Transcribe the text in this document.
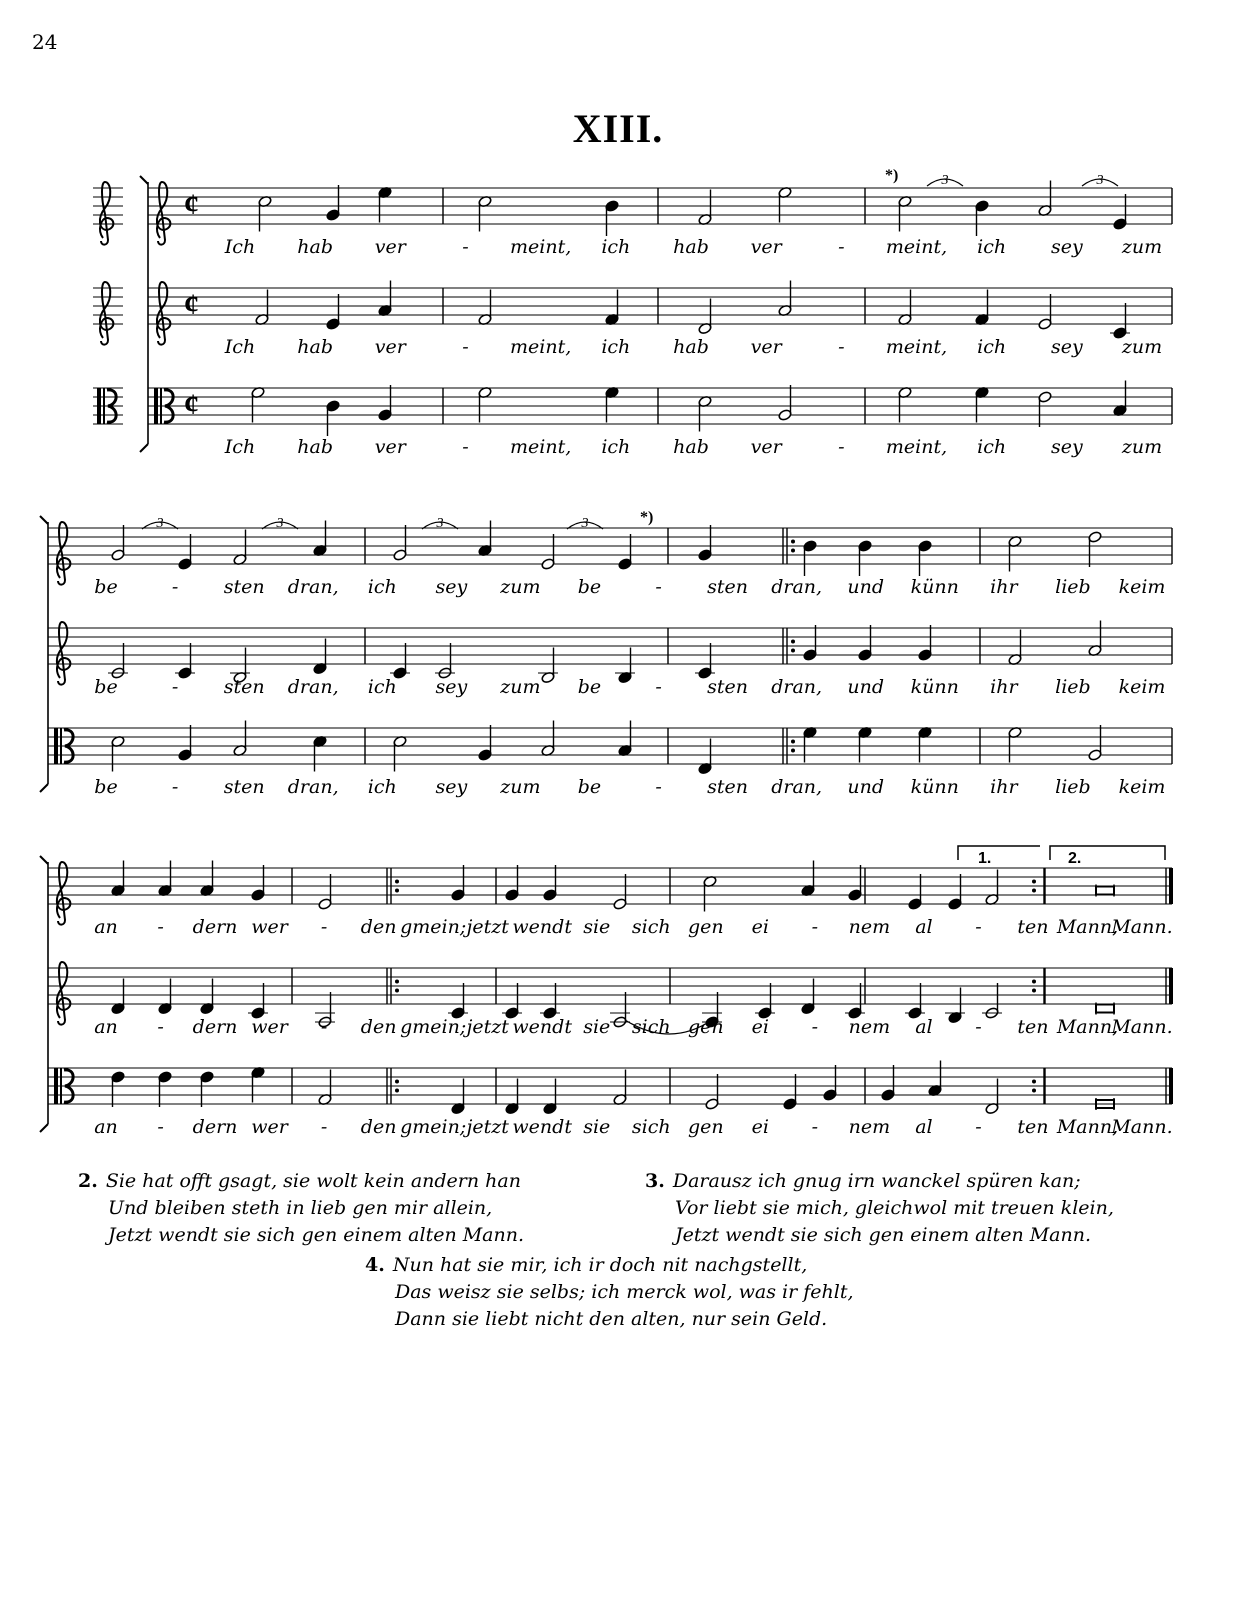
24
XIII.
¢
Ich hab ver	- meint, ich hab ver	- meint, ich sey zum
¢
Ich hab ver	- meint, ich hab ver	- meint, ich sey zum
¢
Ich hab ver	- meint, ich hab ver	- meint, ich sey zum
be	- sten dran, ich sey zum be	- sten dran, und künn ihr lieb keim
be	- sten dran, ich sey zum be	- sten dran, und künn ihr lieb keim
be	- sten dran, ich sey zum be	- sten dran, und künn ihr lieb keim
an - dern wer - den gmein; jetzt wendt sie sich gen ei - nem al - ten Mann,
Mann.
an - dern wer - den gmein; jetzt wendt sie sich gen ei - nem al - ten Mann,
Mann.
an - dern wer - den gmein; jetzt wendt sie sich gen ei - nem al - ten Mann,
Mann.
1.	2.
*)
*)
3	3
3	3	3	3
2. Sie hat offt gsagt, sie wolt kein andern han
Und bleiben steth in lieb gen mir allein,
Jetzt wendt sie sich gen einem alten Mann.
3. Darausz ich gnug irn wanckel spüren kan;
Vor liebt sie mich, gleichwol mit treuen klein,
Jetzt wendt sie sich gen einem alten Mann.
4. Nun hat sie mir, ich ir doch nit nachgstellt,
Das weisz sie selbs; ich merck wol, was ir fehlt,
Dann sie liebt nicht den alten, nur sein Geld.
